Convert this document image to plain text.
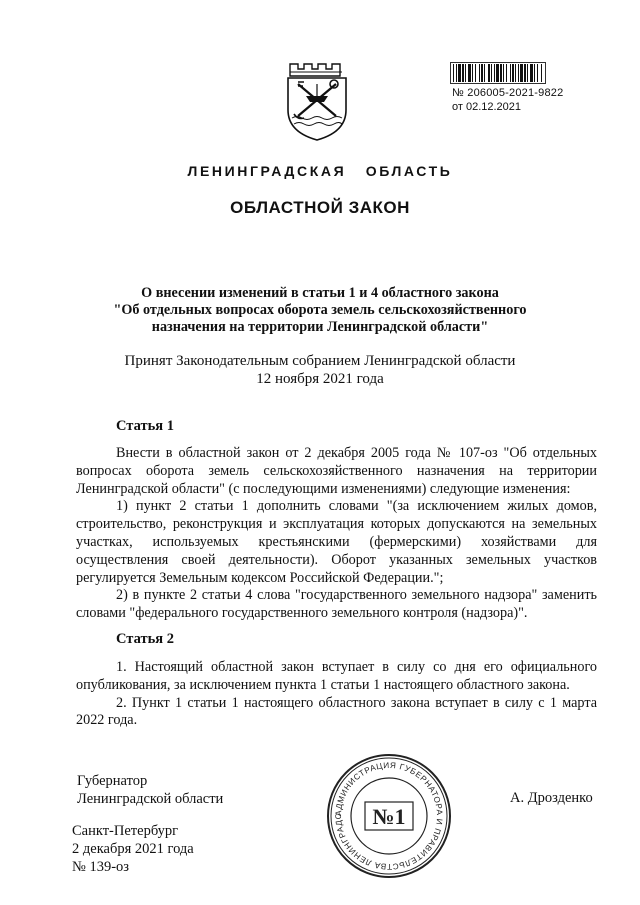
№ 206005-2021-9822
от 02.12.2021
ЛЕНИНГРАДСКАЯ   ОБЛАСТЬ
ОБЛАСТНОЙ ЗАКОН
О внесении изменений в статьи 1 и 4 областного закона
"Об отдельных вопросах оборота земель сельскохозяйственного
назначения на территории Ленинградской области"
Принят Законодательным собранием Ленинградской области
12 ноября 2021 года
Статья 1

Внести в областной закон от 2 декабря 2005 года № 107-оз "Об отдельных вопросах оборота земель сельскохозяйственного назначения на территории Ленинградской области" (с последующими изменениями) следующие изменения:

1) пункт 2 статьи 1 дополнить словами "(за исключением жилых домов, строительство, реконструкция и эксплуатация которых допускаются на земельных участках, используемых крестьянскими (фермерскими) хозяйствами для осуществления своей деятельности). Оборот указанных земельных участков регулируется Земельным кодексом Российской Федерации.";

2) в пункте 2 статьи 4 слова "государственного земельного надзора" заменить словами "федерального государственного земельного контроля (надзора)".

Статья 2

1. Настоящий областной закон вступает в силу со дня его официального опубликования, за исключением пункта 1 статьи 1 настоящего областного закона.

2. Пункт 1 статьи 1 настоящего областного закона вступает в силу с 1 марта 2022 года.

Губернатор
Ленинградской области	А. Дрозденко
АДМИНИСТРАЦИЯ ГУБЕРНАТОРА И ПРАВИТЕЛЬСТВА ЛЕНИНГРАДС	№1
Санкт-Петербург
2 декабря 2021 года
№ 139-оз
